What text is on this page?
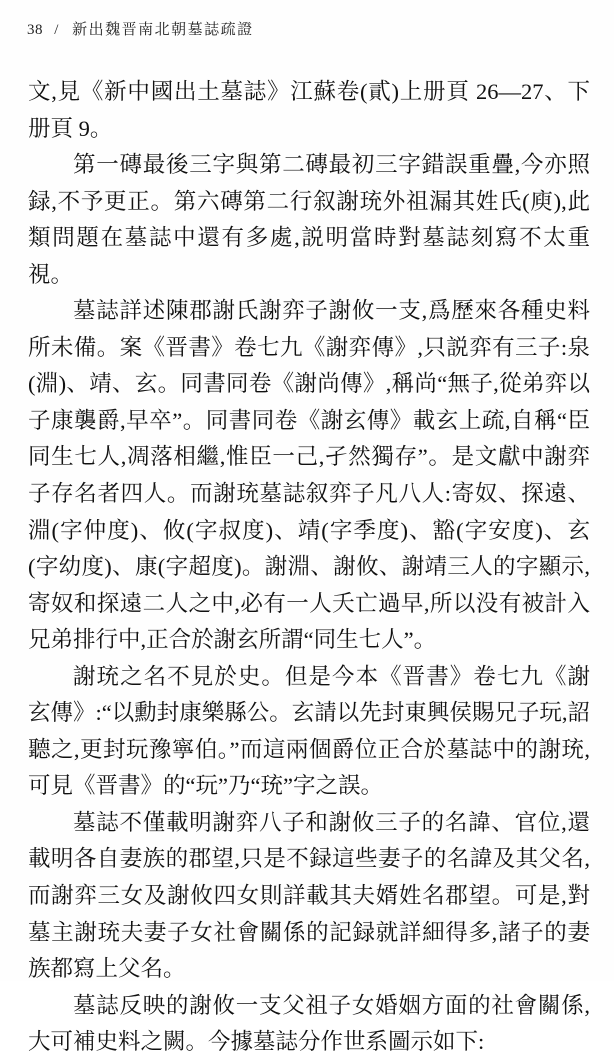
38 / 新出魏晋南北朝墓誌疏證

文,見《新中國出土墓誌》江蘇卷(貳)上册頁 26—27、下册頁 9。

第一磚最後三字與第二磚最初三字錯誤重疊,今亦照録,不予更正。第六磚第二行叙謝珫外祖漏其姓氏(庾),此類問題在墓誌中還有多處,説明當時對墓誌刻寫不太重視。

墓誌詳述陳郡謝氏謝弈子謝攸一支,爲歷來各種史料所未備。案《晋書》卷七九《謝弈傳》,只説弈有三子:泉(淵)、靖、玄。同書同卷《謝尚傳》,稱尚“無子,從弟弈以子康襲爵,早卒”。同書同卷《謝玄傳》載玄上疏,自稱“臣同生七人,凋落相繼,惟臣一己,孑然獨存”。是文獻中謝弈子存名者四人。而謝珫墓誌叙弈子凡八人:寄奴、探遠、淵(字仲度)、攸(字叔度)、靖(字季度)、豁(字安度)、玄(字幼度)、康(字超度)。謝淵、謝攸、謝靖三人的字顯示,寄奴和探遠二人之中,必有一人夭亡過早,所以没有被計入兄弟排行中,正合於謝玄所謂“同生七人”。

謝珫之名不見於史。但是今本《晋書》卷七九《謝玄傳》:“以勳封康樂縣公。玄請以先封東興侯賜兄子玩,詔聽之,更封玩豫寧伯。”而這兩個爵位正合於墓誌中的謝珫,可見《晋書》的“玩”乃“珫”字之誤。

墓誌不僅載明謝弈八子和謝攸三子的名諱、官位,還載明各自妻族的郡望,只是不録這些妻子的名諱及其父名,而謝弈三女及謝攸四女則詳載其夫婿姓名郡望。可是,對墓主謝珫夫妻子女社會關係的記録就詳細得多,諸子的妻族都寫上父名。

墓誌反映的謝攸一支父祖子女婚姻方面的社會關係,大可補史料之闕。今據墓誌分作世系圖示如下:
